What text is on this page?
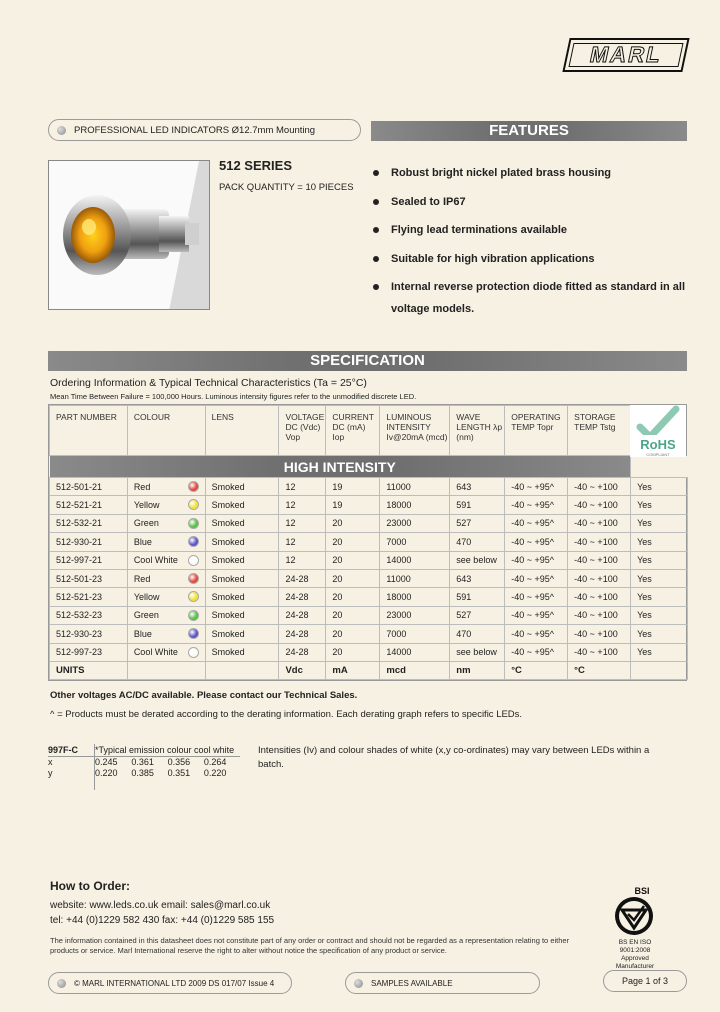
MARL
PROFESSIONAL LED INDICATORS Ø12.7mm Mounting	FEATURES
512 SERIES
PACK QUANTITY = 10 PIECES
Robust bright nickel plated brass housing
Sealed to IP67
Flying lead terminations available
Suitable for high vibration applications
Internal reverse protection diode fitted as standard in all voltage models.
SPECIFICATION
Ordering Information & Typical Technical Characteristics (Ta = 25°C)
Mean Time Between Failure = 100,000 Hours. Luminous intensity figures refer to the unmodified discrete LED.
PART NUMBER	COLOUR	LENS	VOLTAGE DC (Vdc) Vop	CURRENT DC (mA) Iop	LUMINOUS INTENSITY Iv@20mA (mcd)	WAVE LENGTH λp (nm)	OPERATING TEMP Topr	STORAGE TEMP Tstg	
HIGH INTENSITY									
512-501-21	Red	Smoked	12	19	11000	643	-40 ~ +95^	-40 ~ +100	Yes
512-521-21	Yellow	Smoked	12	19	18000	591	-40 ~ +95^	-40 ~ +100	Yes
512-532-21	Green	Smoked	12	20	23000	527	-40 ~ +95^	-40 ~ +100	Yes
512-930-21	Blue	Smoked	12	20	7000	470	-40 ~ +95^	-40 ~ +100	Yes
512-997-21	Cool White	Smoked	12	20	14000	see below	-40 ~ +95^	-40 ~ +100	Yes
512-501-23	Red	Smoked	24-28	20	11000	643	-40 ~ +95^	-40 ~ +100	Yes
512-521-23	Yellow	Smoked	24-28	20	18000	591	-40 ~ +95^	-40 ~ +100	Yes
512-532-23	Green	Smoked	24-28	20	23000	527	-40 ~ +95^	-40 ~ +100	Yes
512-930-23	Blue	Smoked	24-28	20	7000	470	-40 ~ +95^	-40 ~ +100	Yes
512-997-23	Cool White	Smoked	24-28	20	14000	see below	-40 ~ +95^	-40 ~ +100	Yes
UNITS			Vdc	mA	mcd	nm	°C	°C	
RoHS
COMPLIANT
Other voltages AC/DC available. Please contact our Technical Sales.
^ = Products must be derated according to the derating information. Each derating graph refers to specific LEDs.
997F-C	*Typical emission colour cool white			
x	0.245	0.361	0.356	0.264
y	0.220	0.385	0.351	0.220
Intensities (Iv) and colour shades of white (x,y co-ordinates) may vary between LEDs within a batch.
How to Order:
website: www.leds.co.uk email: sales@marl.co.uk
tel: +44 (0)1229 582 430 fax: +44 (0)1229 585 155
The information contained in this datasheet does not constitute part of any order or contract and should not be regarded as a representation relating to either products or service. Marl International reserve the right to alter without notice the specification of any product or service.
BSI
BS EN ISO 9001:2008
Approved Manufacturer
© MARL INTERNATIONAL LTD 2009 DS 017/07 Issue 4	SAMPLES AVAILABLE	Page 1 of 3
